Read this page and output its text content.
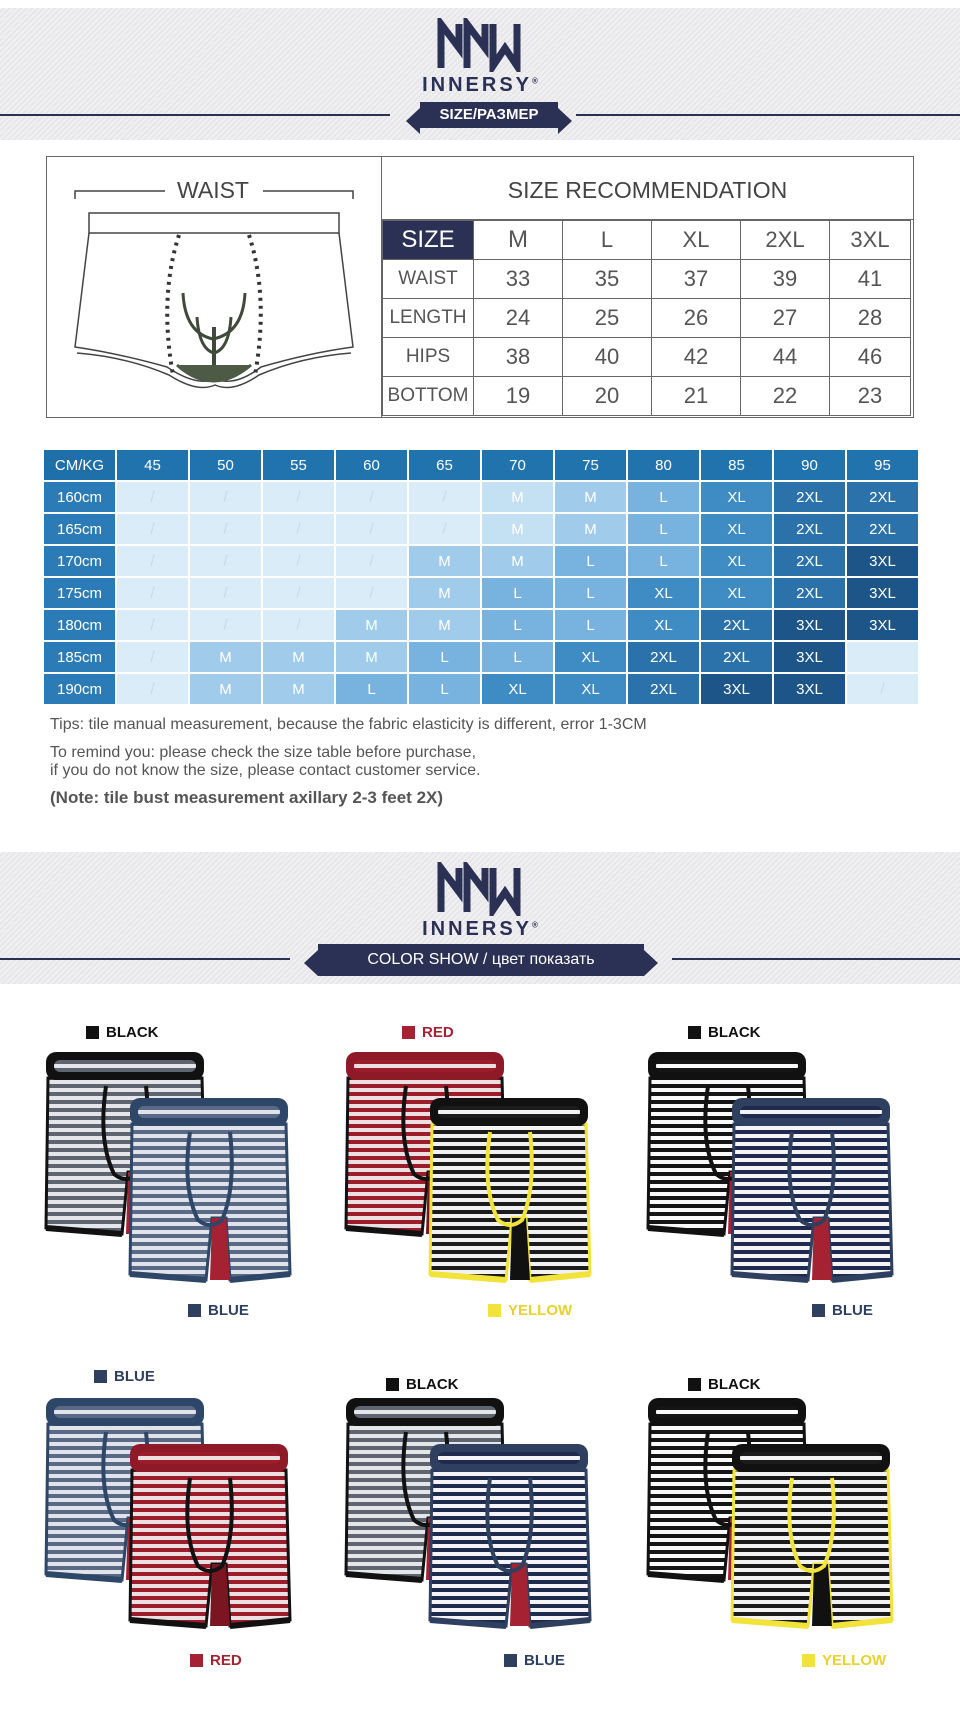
INNERSY®
SIZE/РАЗМЕР
WAIST	SIZE RECOMMENDATION
SIZE	M	L	XL	2XL	3XL
WAIST	33	35	37	39	41
LENGTH	24	25	26	27	28
HIPS	38	40	42	44	46
BOTTOM	19	20	21	22	23
CM/KG	45	50	55	60	65	70	75	80	85	90	95
160cm	/	/	/	/	/	M	M	L	XL	2XL	2XL
165cm	/	/	/	/	/	M	M	L	XL	2XL	2XL
170cm	/	/	/	/	M	M	L	L	XL	2XL	3XL
175cm	/	/	/	/	M	L	L	XL	XL	2XL	3XL
180cm	/	/	/	M	M	L	L	XL	2XL	3XL	3XL
185cm	/	M	M	M	L	L	XL	2XL	2XL	3XL	
190cm	/	M	M	L	L	XL	XL	2XL	3XL	3XL	/
Tips: tile manual measurement, because the fabric elasticity is different, error 1-3CM
To remind you: please check the size table before purchase,
if you do not know the size, please contact customer service.
(Note: tile bust measurement axillary 2-3 feet 2X)
INNERSY®
COLOR SHOW / цвет показать
BLACK
BLUE
RED
YELLOW
BLACK
BLUE
BLUE
RED
BLACK
BLUE
BLACK
YELLOW
